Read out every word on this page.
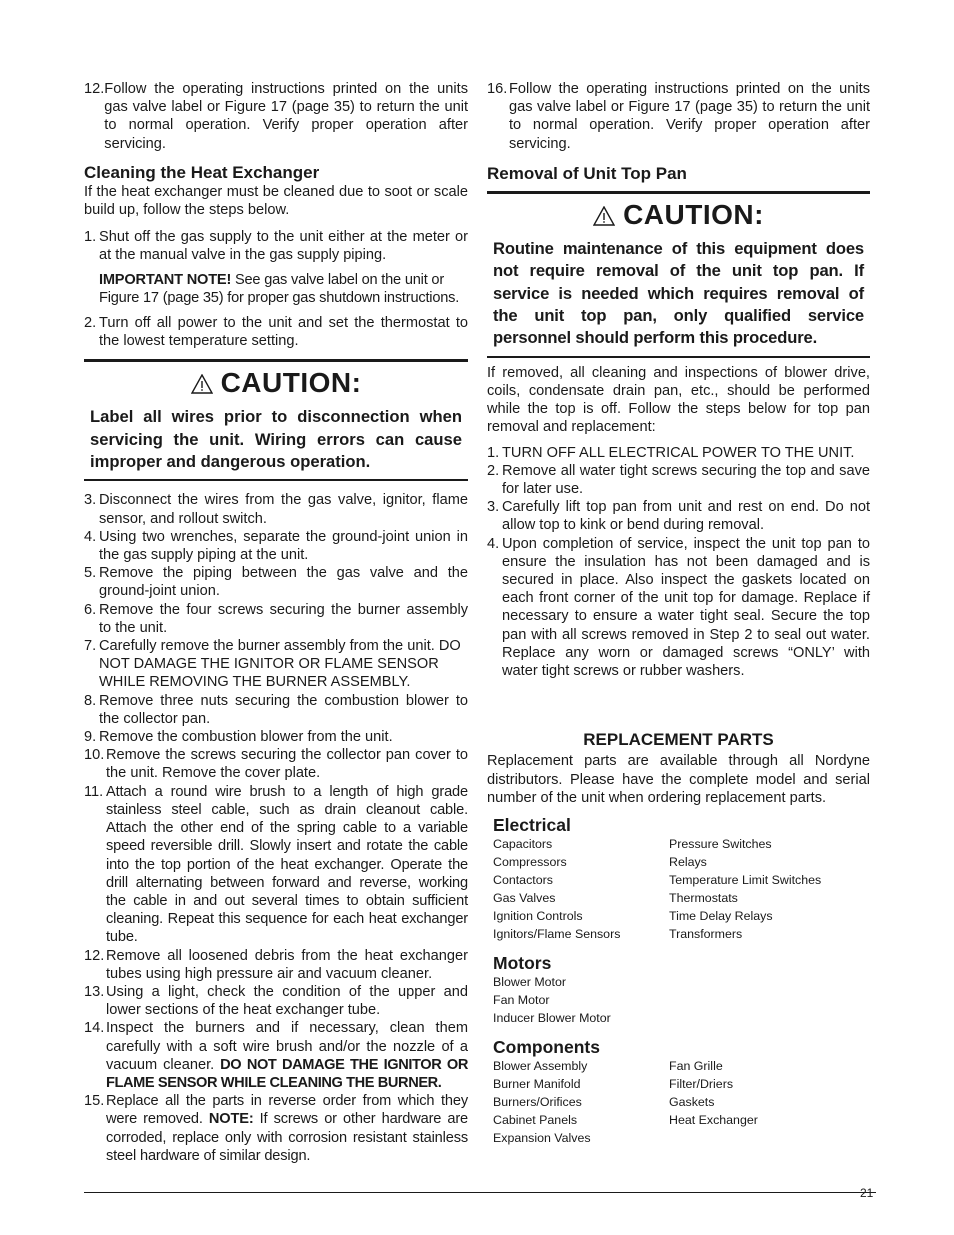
12. Follow the operating instructions printed on the units gas valve label or Figure 17 (page 35) to return the unit to normal operation. Verify proper operation after servicing.
Cleaning the Heat Exchanger

If the heat exchanger must be cleaned due to soot or scale build up, follow the steps below.

1. Shut off the gas supply to the unit either at the meter or at the manual valve in the gas supply piping.

IMPORTANT NOTE! See gas valve label on the unit or Figure 17 (page 35) for proper gas shutdown instructions.

2. Turn off all power to the unit and set the thermostat to the lowest temperature setting.
CAUTION:
Label all wires prior to disconnection when servicing the unit. Wiring errors can cause improper and dangerous operation.
3. Disconnect the wires from the gas valve, ignitor, flame sensor, and rollout switch.
4. Using two wrenches, separate the ground-joint union in the gas supply piping at the unit.
5. Remove the piping between the gas valve and the ground-joint union.
6. Remove the four screws securing the burner assembly to the unit.
7. Carefully remove the burner assembly from the unit. DO NOT DAMAGE THE IGNITOR OR FLAME SENSOR WHILE REMOVING THE BURNER ASSEMBLY.
8. Remove three nuts securing the combustion blower to the collector pan.
9. Remove the combustion blower from the unit.
10. Remove the screws securing the collector pan cover to the unit. Remove the cover plate.
11. Attach a round wire brush to a length of high grade stainless steel cable, such as drain cleanout cable. Attach the other end of the spring cable to a variable speed reversible drill. Slowly insert and rotate the cable into the top portion of the heat exchanger. Operate the drill alternating between forward and reverse, working the cable in and out several times to obtain sufficient cleaning. Repeat this sequence for each heat exchanger tube.
12. Remove all loosened debris from the heat exchanger tubes using high pressure air and vacuum cleaner.
13. Using a light, check the condition of the upper and lower sections of the heat exchanger tube.
14. Inspect the burners and if necessary, clean them carefully with a soft wire brush and/or the nozzle of a vacuum cleaner. DO NOT DAMAGE THE IGNITOR OR FLAME SENSOR WHILE CLEANING THE BURNER.
15. Replace all the parts in reverse order from which they were removed. NOTE: If screws or other hardware are corroded, replace only with corrosion resistant stainless steel hardware of similar design.
16. Follow the operating instructions printed on the units gas valve label or Figure 17 (page 35) to return the unit to normal operation. Verify proper operation after servicing.
Removal of Unit Top Pan
CAUTION:
Routine maintenance of this equipment does not require removal of the unit top pan. If service is needed which requires removal of the unit top pan, only qualified service personnel should perform this procedure.

If removed, all cleaning and inspections of blower drive, coils, condensate drain pan, etc., should be performed while the top is off. Follow the steps below for top pan removal and replacement:

1. TURN OFF ALL ELECTRICAL POWER TO THE UNIT.
2. Remove all water tight screws securing the top and save for later use.
3. Carefully lift top pan from unit and rest on end. Do not allow top to kink or bend during removal.
4. Upon completion of service, inspect the unit top pan to ensure the insulation has not been damaged and is secured in place. Also inspect the gaskets located on each front corner of the unit top for damage. Replace if necessary to ensure a water tight seal. Secure the top pan with all screws removed in Step 2 to seal out water. Replace any worn or damaged screws “ONLY’ with water tight screws or rubber washers.
REPLACEMENT PARTS

Replacement parts are available through all Nordyne distributors. Please have the complete model and serial number of the unit when ordering replacement parts.

Electrical
Capacitors	Pressure Switches
Compressors	Relays
Contactors	Temperature Limit Switches
Gas Valves	Thermostats
Ignition Controls	Time Delay Relays
Ignitors/Flame Sensors	Transformers
Motors
Blower Motor
Fan Motor
Inducer Blower Motor
Components
Blower Assembly	Fan Grille
Burner Manifold	Filter/Driers
Burners/Orifices	Gaskets
Cabinet Panels	Heat Exchanger
Expansion Valves
21
